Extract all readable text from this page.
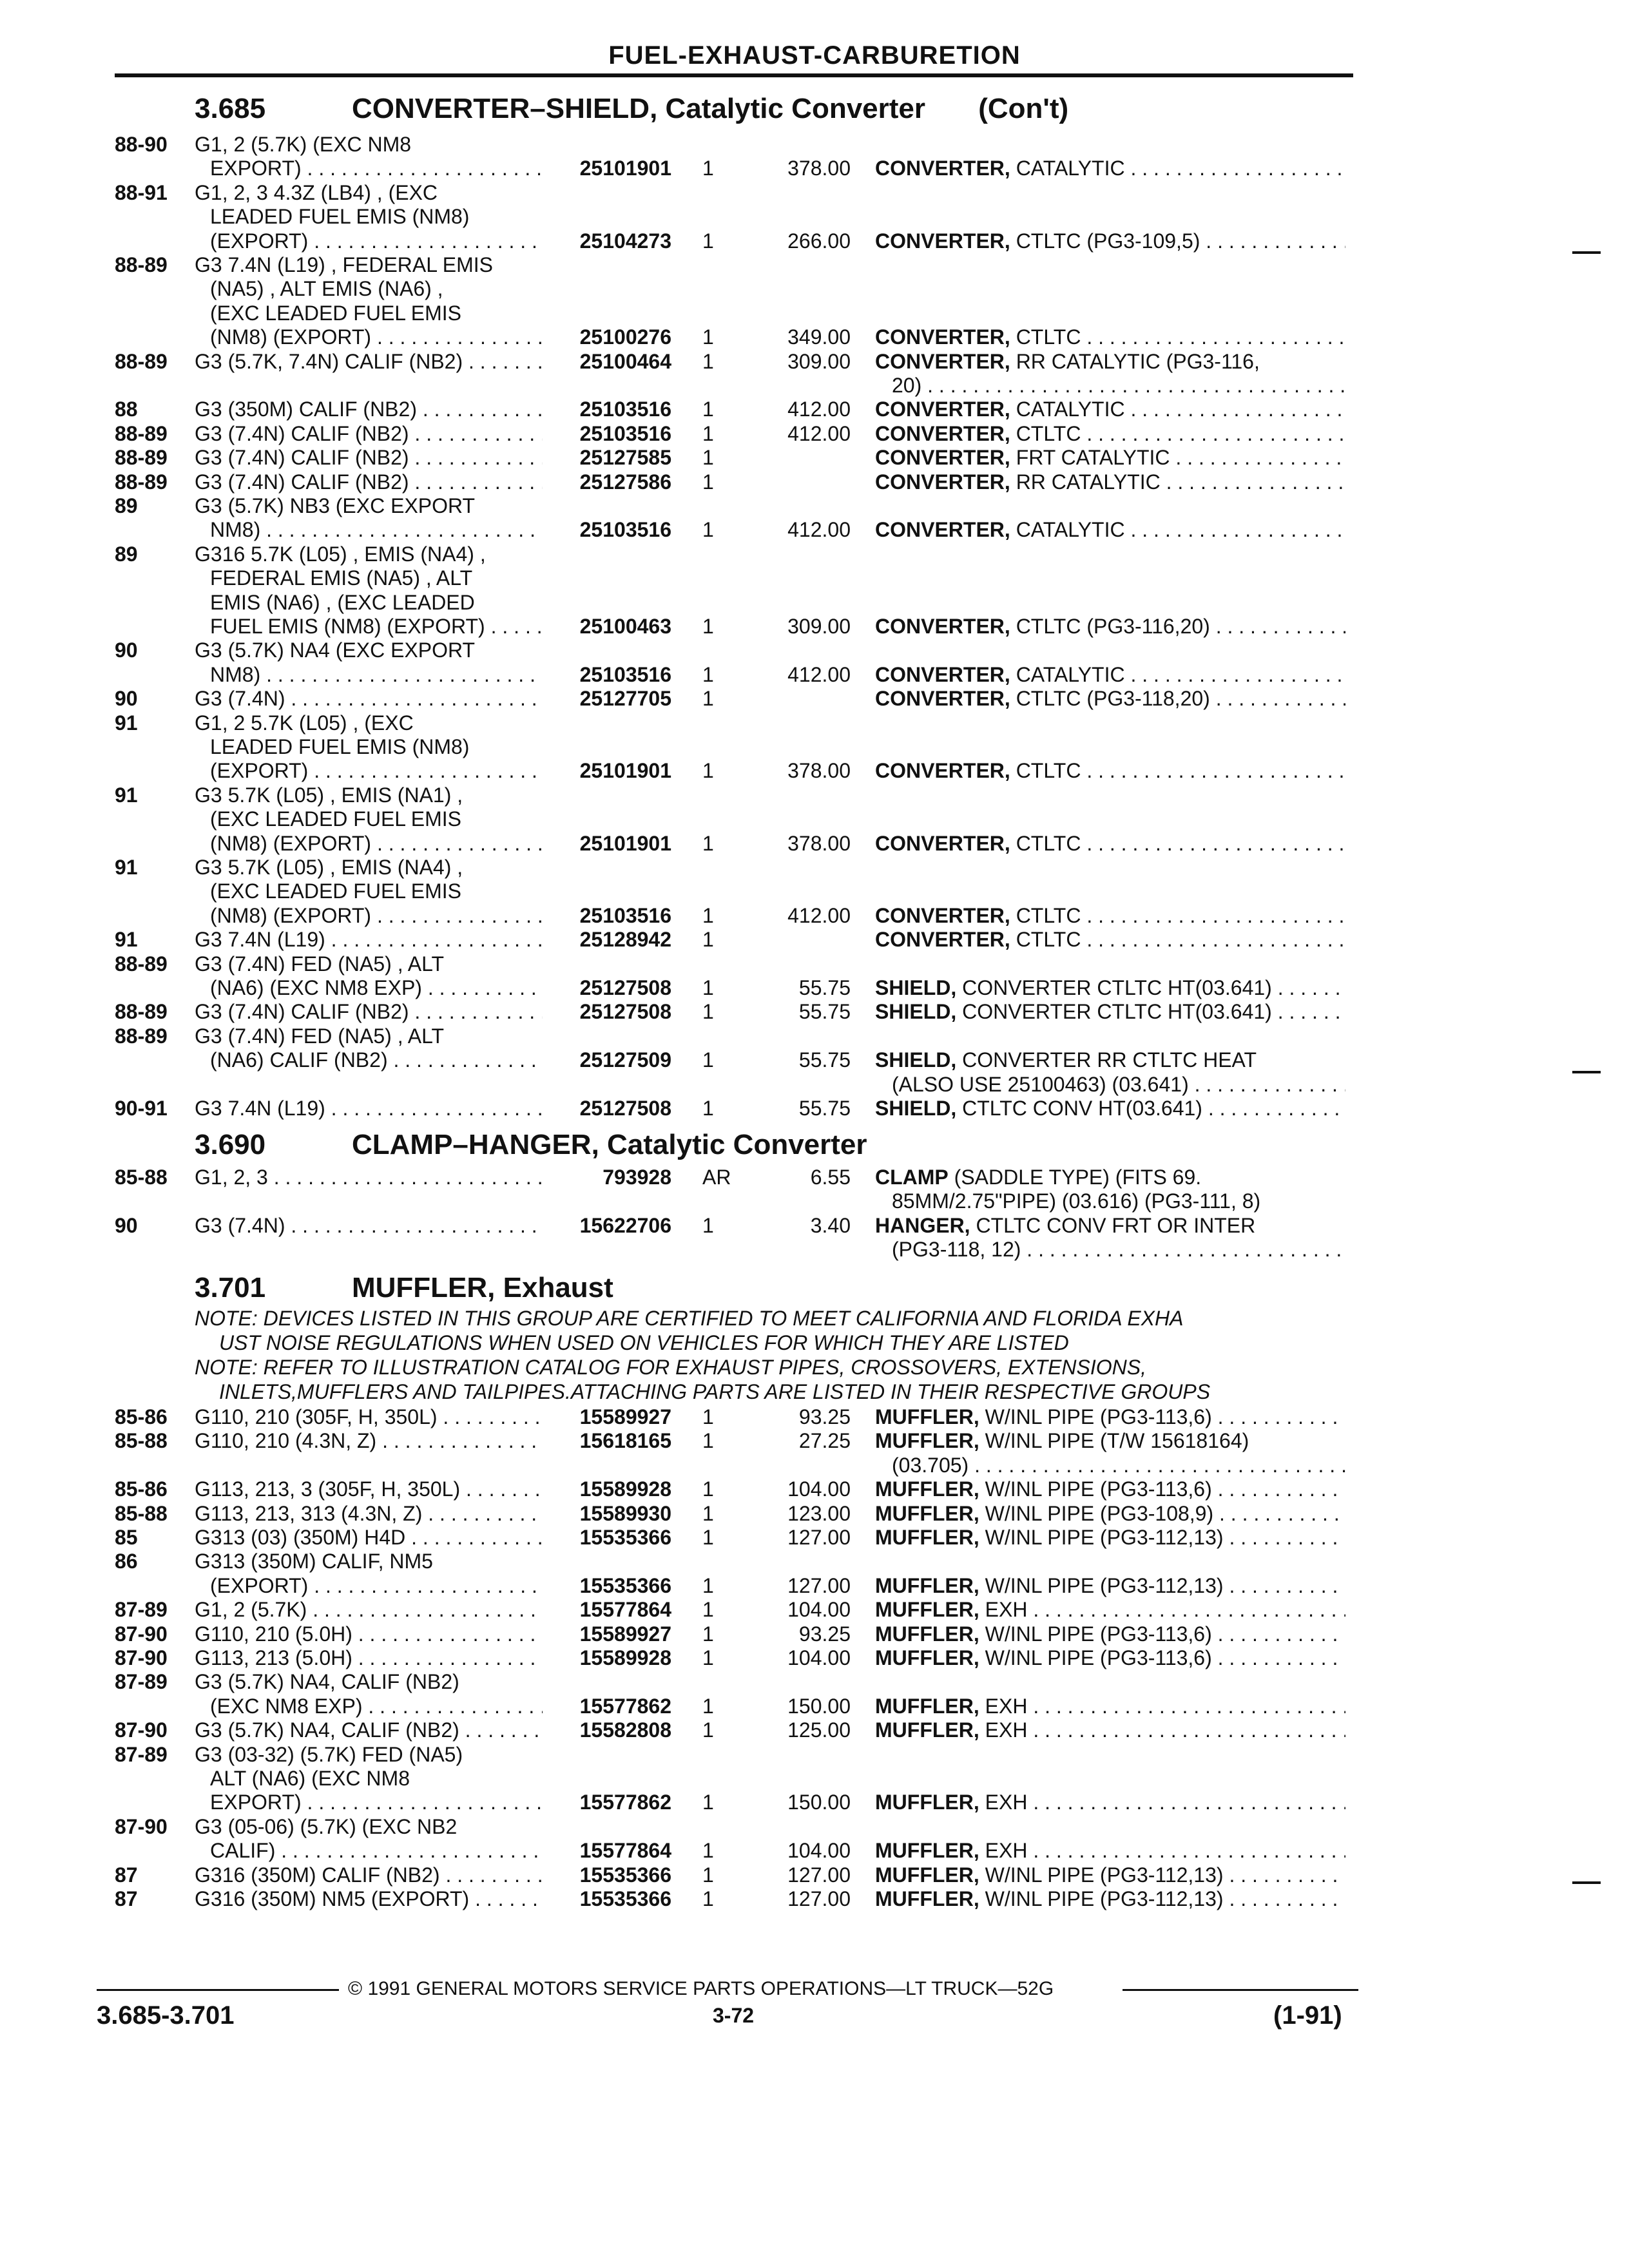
FUEL-EXHAUST-CARBURETION
3.685	CONVERTER–SHIELD, Catalytic Converter (Con't)
3.690	CLAMP–HANGER, Catalytic Converter
3.701	MUFFLER, Exhaust
NOTE: DEVICES LISTED IN THIS GROUP ARE CERTIFIED TO MEET CALIFORNIA AND FLORIDA EXHA
UST NOISE REGULATIONS WHEN USED ON VEHICLES FOR WHICH THEY ARE LISTED
NOTE: REFER TO ILLUSTRATION CATALOG FOR EXHAUST PIPES, CROSSOVERS, EXTENSIONS,
INLETS,MUFFLERS AND TAILPIPES.ATTACHING PARTS ARE LISTED IN THEIR RESPECTIVE GROUPS
88-90 G1, 2 (5.7K) (EXC NM8
EXPORT) . . .	25101901 1	378.00 CONVERTER, CATALYTIC . . .
88-91 G1, 2, 3 4.3Z (LB4) , (EXC
LEADED FUEL EMIS (NM8)
(EXPORT) . . .	25104273 1	266.00 CONVERTER, CTLTC (PG3-109,5) . . .
88-89 G3 7.4N (L19) , FEDERAL EMIS
(NA5) , ALT EMIS (NA6) ,
(EXC LEADED FUEL EMIS
(NM8) (EXPORT) . . .	25100276 1	349.00 CONVERTER, CTLTC . . .
88-89 G3 (5.7K, 7.4N) CALIF (NB2) . . .	25100464 1	309.00 CONVERTER, RR CATALYTIC (PG3-116,
20) . . .
88	G3 (350M) CALIF (NB2) . . .	25103516 1	412.00 CONVERTER, CATALYTIC . . .
88-89 G3 (7.4N) CALIF (NB2) . . .	25103516 1	412.00 CONVERTER, CTLTC . . .
88-89 G3 (7.4N) CALIF (NB2) . . .	25127585 1	CONVERTER, FRT CATALYTIC . . .
88-89 G3 (7.4N) CALIF (NB2) . . .	25127586 1	CONVERTER, RR CATALYTIC . . .
89	G3 (5.7K) NB3 (EXC EXPORT
NM8) . . .	25103516 1	412.00 CONVERTER, CATALYTIC . . .
89	G316 5.7K (L05) , EMIS (NA4) ,
FEDERAL EMIS (NA5) , ALT
EMIS (NA6) , (EXC LEADED
FUEL EMIS (NM8) (EXPORT) . . .	25100463 1	309.00 CONVERTER, CTLTC (PG3-116,20) . . .
90	G3 (5.7K) NA4 (EXC EXPORT
NM8) . . .	25103516 1	412.00 CONVERTER, CATALYTIC . . .
90	G3 (7.4N) . . .	25127705 1	CONVERTER, CTLTC (PG3-118,20) . . .
91	G1, 2 5.7K (L05) , (EXC
LEADED FUEL EMIS (NM8)
(EXPORT) . . .	25101901 1	378.00 CONVERTER, CTLTC . . .
91	G3 5.7K (L05) , EMIS (NA1) ,
(EXC LEADED FUEL EMIS
(NM8) (EXPORT) . . .	25101901 1	378.00 CONVERTER, CTLTC . . .
91	G3 5.7K (L05) , EMIS (NA4) ,
(EXC LEADED FUEL EMIS
(NM8) (EXPORT) . . .	25103516 1	412.00 CONVERTER, CTLTC . . .
91	G3 7.4N (L19) . . .	25128942 1	CONVERTER, CTLTC . . .
88-89 G3 (7.4N) FED (NA5) , ALT
(NA6) (EXC NM8 EXP) . . .	25127508 1	55.75 SHIELD, CONVERTER CTLTC HT(03.641) . . .
88-89 G3 (7.4N) CALIF (NB2) . . .	25127508 1	55.75 SHIELD, CONVERTER CTLTC HT(03.641) . . .
88-89 G3 (7.4N) FED (NA5) , ALT
(NA6) CALIF (NB2) . . .	25127509 1	55.75 SHIELD, CONVERTER RR CTLTC HEAT
(ALSO USE 25100463) (03.641) . . .
90-91 G3 7.4N (L19) . . .	25127508 1	55.75 SHIELD, CTLTC CONV HT(03.641) . . .
85-88 G1, 2, 3 . . .	793928 AR	6.55 CLAMP (SADDLE TYPE) (FITS 69.
85MM/2.75"PIPE) (03.616) (PG3-111, 8)
90	G3 (7.4N) . . .	15622706 1	3.40 HANGER, CTLTC CONV FRT OR INTER
(PG3-118, 12) . . .
85-86 G110, 210 (305F, H, 350L) . . .	15589927 1	93.25 MUFFLER, W/INL PIPE (PG3-113,6) . . .
85-88 G110, 210 (4.3N, Z) . . .	15618165 1	27.25 MUFFLER, W/INL PIPE (T/W 15618164)
(03.705) . . .
85-86 G113, 213, 3 (305F, H, 350L) . . .	15589928 1	104.00 MUFFLER, W/INL PIPE (PG3-113,6) . . .
85-88 G113, 213, 313 (4.3N, Z) . . .	15589930 1	123.00 MUFFLER, W/INL PIPE (PG3-108,9) . . .
85	G313 (03) (350M) H4D . . .	15535366 1	127.00 MUFFLER, W/INL PIPE (PG3-112,13) . . .
86	G313 (350M) CALIF, NM5
(EXPORT) . . .	15535366 1	127.00 MUFFLER, W/INL PIPE (PG3-112,13) . . .
87-89 G1, 2 (5.7K) . . .	15577864 1	104.00 MUFFLER, EXH . . .
87-90 G110, 210 (5.0H) . . .	15589927 1	93.25 MUFFLER, W/INL PIPE (PG3-113,6) . . .
87-90 G113, 213 (5.0H) . . .	15589928 1	104.00 MUFFLER, W/INL PIPE (PG3-113,6) . . .
87-89 G3 (5.7K) NA4, CALIF (NB2)
(EXC NM8 EXP) . . .	15577862 1	150.00 MUFFLER, EXH . . .
87-90 G3 (5.7K) NA4, CALIF (NB2) . . .	15582808 1	125.00 MUFFLER, EXH . . .
87-89 G3 (03-32) (5.7K) FED (NA5)
ALT (NA6) (EXC NM8
EXPORT) . . .	15577862 1	150.00 MUFFLER, EXH . . .
87-90 G3 (05-06) (5.7K) (EXC NB2
CALIF) . . .	15577864 1	104.00 MUFFLER, EXH . . .
87	G316 (350M) CALIF (NB2) . . .	15535366 1	127.00 MUFFLER, W/INL PIPE (PG3-112,13) . . .
87	G316 (350M) NM5 (EXPORT) . . .	15535366 1	127.00 MUFFLER, W/INL PIPE (PG3-112,13) . . .
© 1991 GENERAL MOTORS SERVICE PARTS OPERATIONS—LT TRUCK—52G
3.685-3.701	3-72	(1-91)
